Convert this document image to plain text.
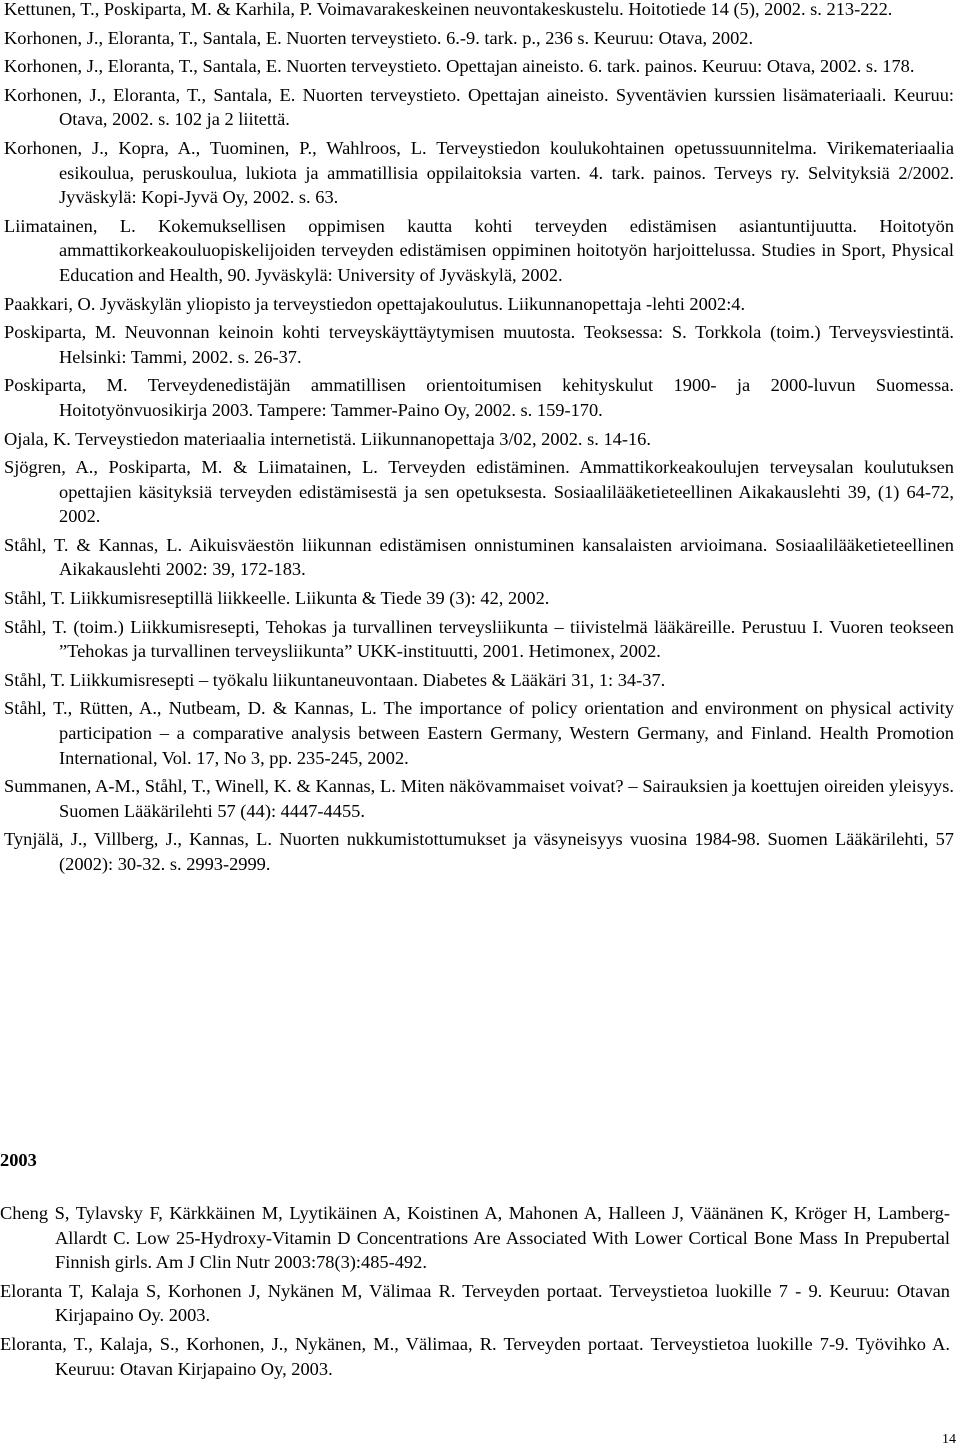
Kettunen, T., Poskiparta, M. & Karhila, P. Voimavarakeskeinen neuvontakeskustelu. Hoitotiede 14 (5), 2002. s. 213-222.

Korhonen, J., Eloranta, T., Santala, E. Nuorten terveystieto. 6.-9. tark. p., 236 s. Keuruu: Otava, 2002.

Korhonen, J., Eloranta, T., Santala, E. Nuorten terveystieto. Opettajan aineisto. 6. tark. painos. Keuruu: Otava, 2002. s. 178.

Korhonen, J., Eloranta, T., Santala, E. Nuorten terveystieto. Opettajan aineisto. Syventävien kurssien lisämateriaali. Keuruu: Otava, 2002. s. 102 ja 2 liitettä.

Korhonen, J., Kopra, A., Tuominen, P., Wahlroos, L. Terveystiedon koulukohtainen opetussuunnitelma. Virikemateriaalia esikoulua, peruskoulua, lukiota ja ammatillisia oppilaitoksia varten. 4. tark. painos. Terveys ry. Selvityksiä 2/2002. Jyväskylä: Kopi-Jyvä Oy, 2002. s. 63.

Liimatainen, L. Kokemuksellisen oppimisen kautta kohti terveyden edistämisen asiantuntijuutta. Hoitotyön ammattikorkeakouluopiskelijoiden terveyden edistämisen oppiminen hoitotyön harjoittelussa. Studies in Sport, Physical Education and Health, 90. Jyväskylä: University of Jyväskylä, 2002.

Paakkari, O. Jyväskylän yliopisto ja terveystiedon opettajakoulutus. Liikunnanopettaja -lehti 2002:4.

Poskiparta, M. Neuvonnan keinoin kohti terveyskäyttäytymisen muutosta. Teoksessa: S. Torkkola (toim.) Terveysviestintä. Helsinki: Tammi, 2002. s. 26-37.

Poskiparta, M. Terveydenedistäjän ammatillisen orientoitumisen kehityskulut 1900- ja 2000-luvun Suomessa. Hoitotyönvuosikirja 2003. Tampere: Tammer-Paino Oy, 2002. s. 159-170.

Ojala, K. Terveystiedon materiaalia internetistä. Liikunnanopettaja 3/02, 2002. s. 14-16.

Sjögren, A., Poskiparta, M. & Liimatainen, L. Terveyden edistäminen. Ammattikorkeakoulujen terveysalan koulutuksen opettajien käsityksiä terveyden edistämisestä ja sen opetuksesta. Sosiaalilääketieteellinen Aikakauslehti 39, (1) 64-72, 2002.

Ståhl, T. & Kannas, L. Aikuisväestön liikunnan edistämisen onnistuminen kansalaisten arvioimana. Sosiaalilääketieteellinen Aikakauslehti 2002: 39, 172-183.

Ståhl, T. Liikkumisreseptillä liikkeelle. Liikunta & Tiede 39 (3): 42, 2002.

Ståhl, T. (toim.) Liikkumisresepti, Tehokas ja turvallinen terveysliikunta – tiivistelmä lääkäreille. Perustuu I. Vuoren teokseen ”Tehokas ja turvallinen terveysliikunta” UKK-instituutti, 2001. Hetimonex, 2002.

Ståhl, T. Liikkumisresepti – työkalu liikuntaneuvontaan. Diabetes & Lääkäri 31, 1: 34-37.

Ståhl, T., Rütten, A., Nutbeam, D. & Kannas, L. The importance of policy orientation and environment on physical activity participation – a comparative analysis between Eastern Germany, Western Germany, and Finland. Health Promotion International, Vol. 17, No 3, pp. 235-245, 2002.

Summanen, A-M., Ståhl, T., Winell, K. & Kannas, L. Miten näkövammaiset voivat? – Sairauksien ja koettujen oireiden yleisyys. Suomen Lääkärilehti 57 (44): 4447-4455.

Tynjälä, J., Villberg, J., Kannas, L. Nuorten nukkumistottumukset ja väsyneisyys vuosina 1984-98. Suomen Lääkärilehti, 57 (2002): 30-32. s. 2993-2999.

2003

Cheng S, Tylavsky F, Kärkkäinen M, Lyytikäinen A, Koistinen A, Mahonen A, Halleen J, Väänänen K, Kröger H, Lamberg-Allardt C. Low 25-Hydroxy-Vitamin D Concentrations Are Associated With Lower Cortical Bone Mass In Prepubertal Finnish girls. Am J Clin Nutr 2003:78(3):485-492.

Eloranta T, Kalaja S, Korhonen J, Nykänen M, Välimaa R. Terveyden portaat. Terveystietoa luokille 7 - 9. Keuruu: Otavan Kirjapaino Oy. 2003.

Eloranta, T., Kalaja, S., Korhonen, J., Nykänen, M., Välimaa, R. Terveyden portaat. Terveystietoa luokille 7-9. Työvihko A. Keuruu: Otavan Kirjapaino Oy, 2003.

14
